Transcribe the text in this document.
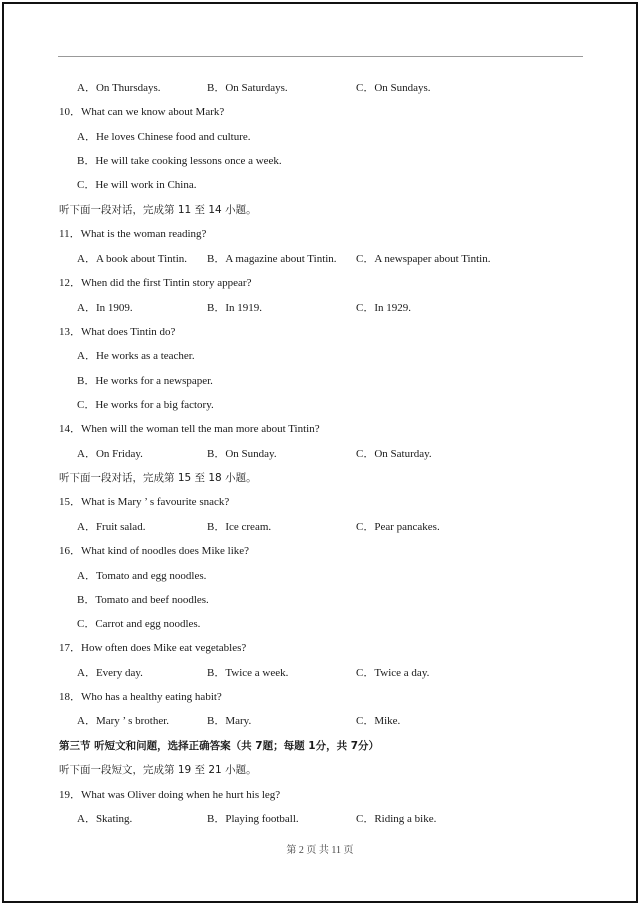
A．On Thursdays.	B．On Saturdays.	C．On Sundays.
10．What can we know about Mark?
A．He loves Chinese food and culture.
B．He will take cooking lessons once a week.
C．He will work in China.
听下面一段对话，完成第 11 至 14 小题。
11．What is the woman reading?
A．A book about Tintin. B．A magazine about Tintin. C．A newspaper about Tintin.
12．When did the first Tintin story appear?
A．In 1909.	B．In 1919.	C．In 1929.
13．What does Tintin do?
A．He works as a teacher.
B．He works for a newspaper.
C．He works for a big factory.
14．When will the woman tell the man more about Tintin?
A．On Friday.	B．On Sunday.	C．On Saturday.
听下面一段对话，完成第 15 至 18 小题。
15．What is Mary ’ s favourite snack?
A．Fruit salad.	B．Ice cream.	C．Pear pancakes.
16．What kind of noodles does Mike like?
A．Tomato and egg noodles.
B．Tomato and beef noodles.
C．Carrot and egg noodles.
17．How often does Mike eat vegetables?
A．Every day.	B．Twice a week.	C．Twice a day.
18．Who has a healthy eating habit?
A．Mary ’ s brother.	B．Mary.	C．Mike.
第三节 听短文和问题，选择正确答案（共 7题；每题 1分，共 7分）
听下面一段短文，完成第 19 至 21 小题。
19．What was Oliver doing when he hurt his leg?
A．Skating.	B．Playing football.	C．Riding a bike.
第 2 页 共 11 页
